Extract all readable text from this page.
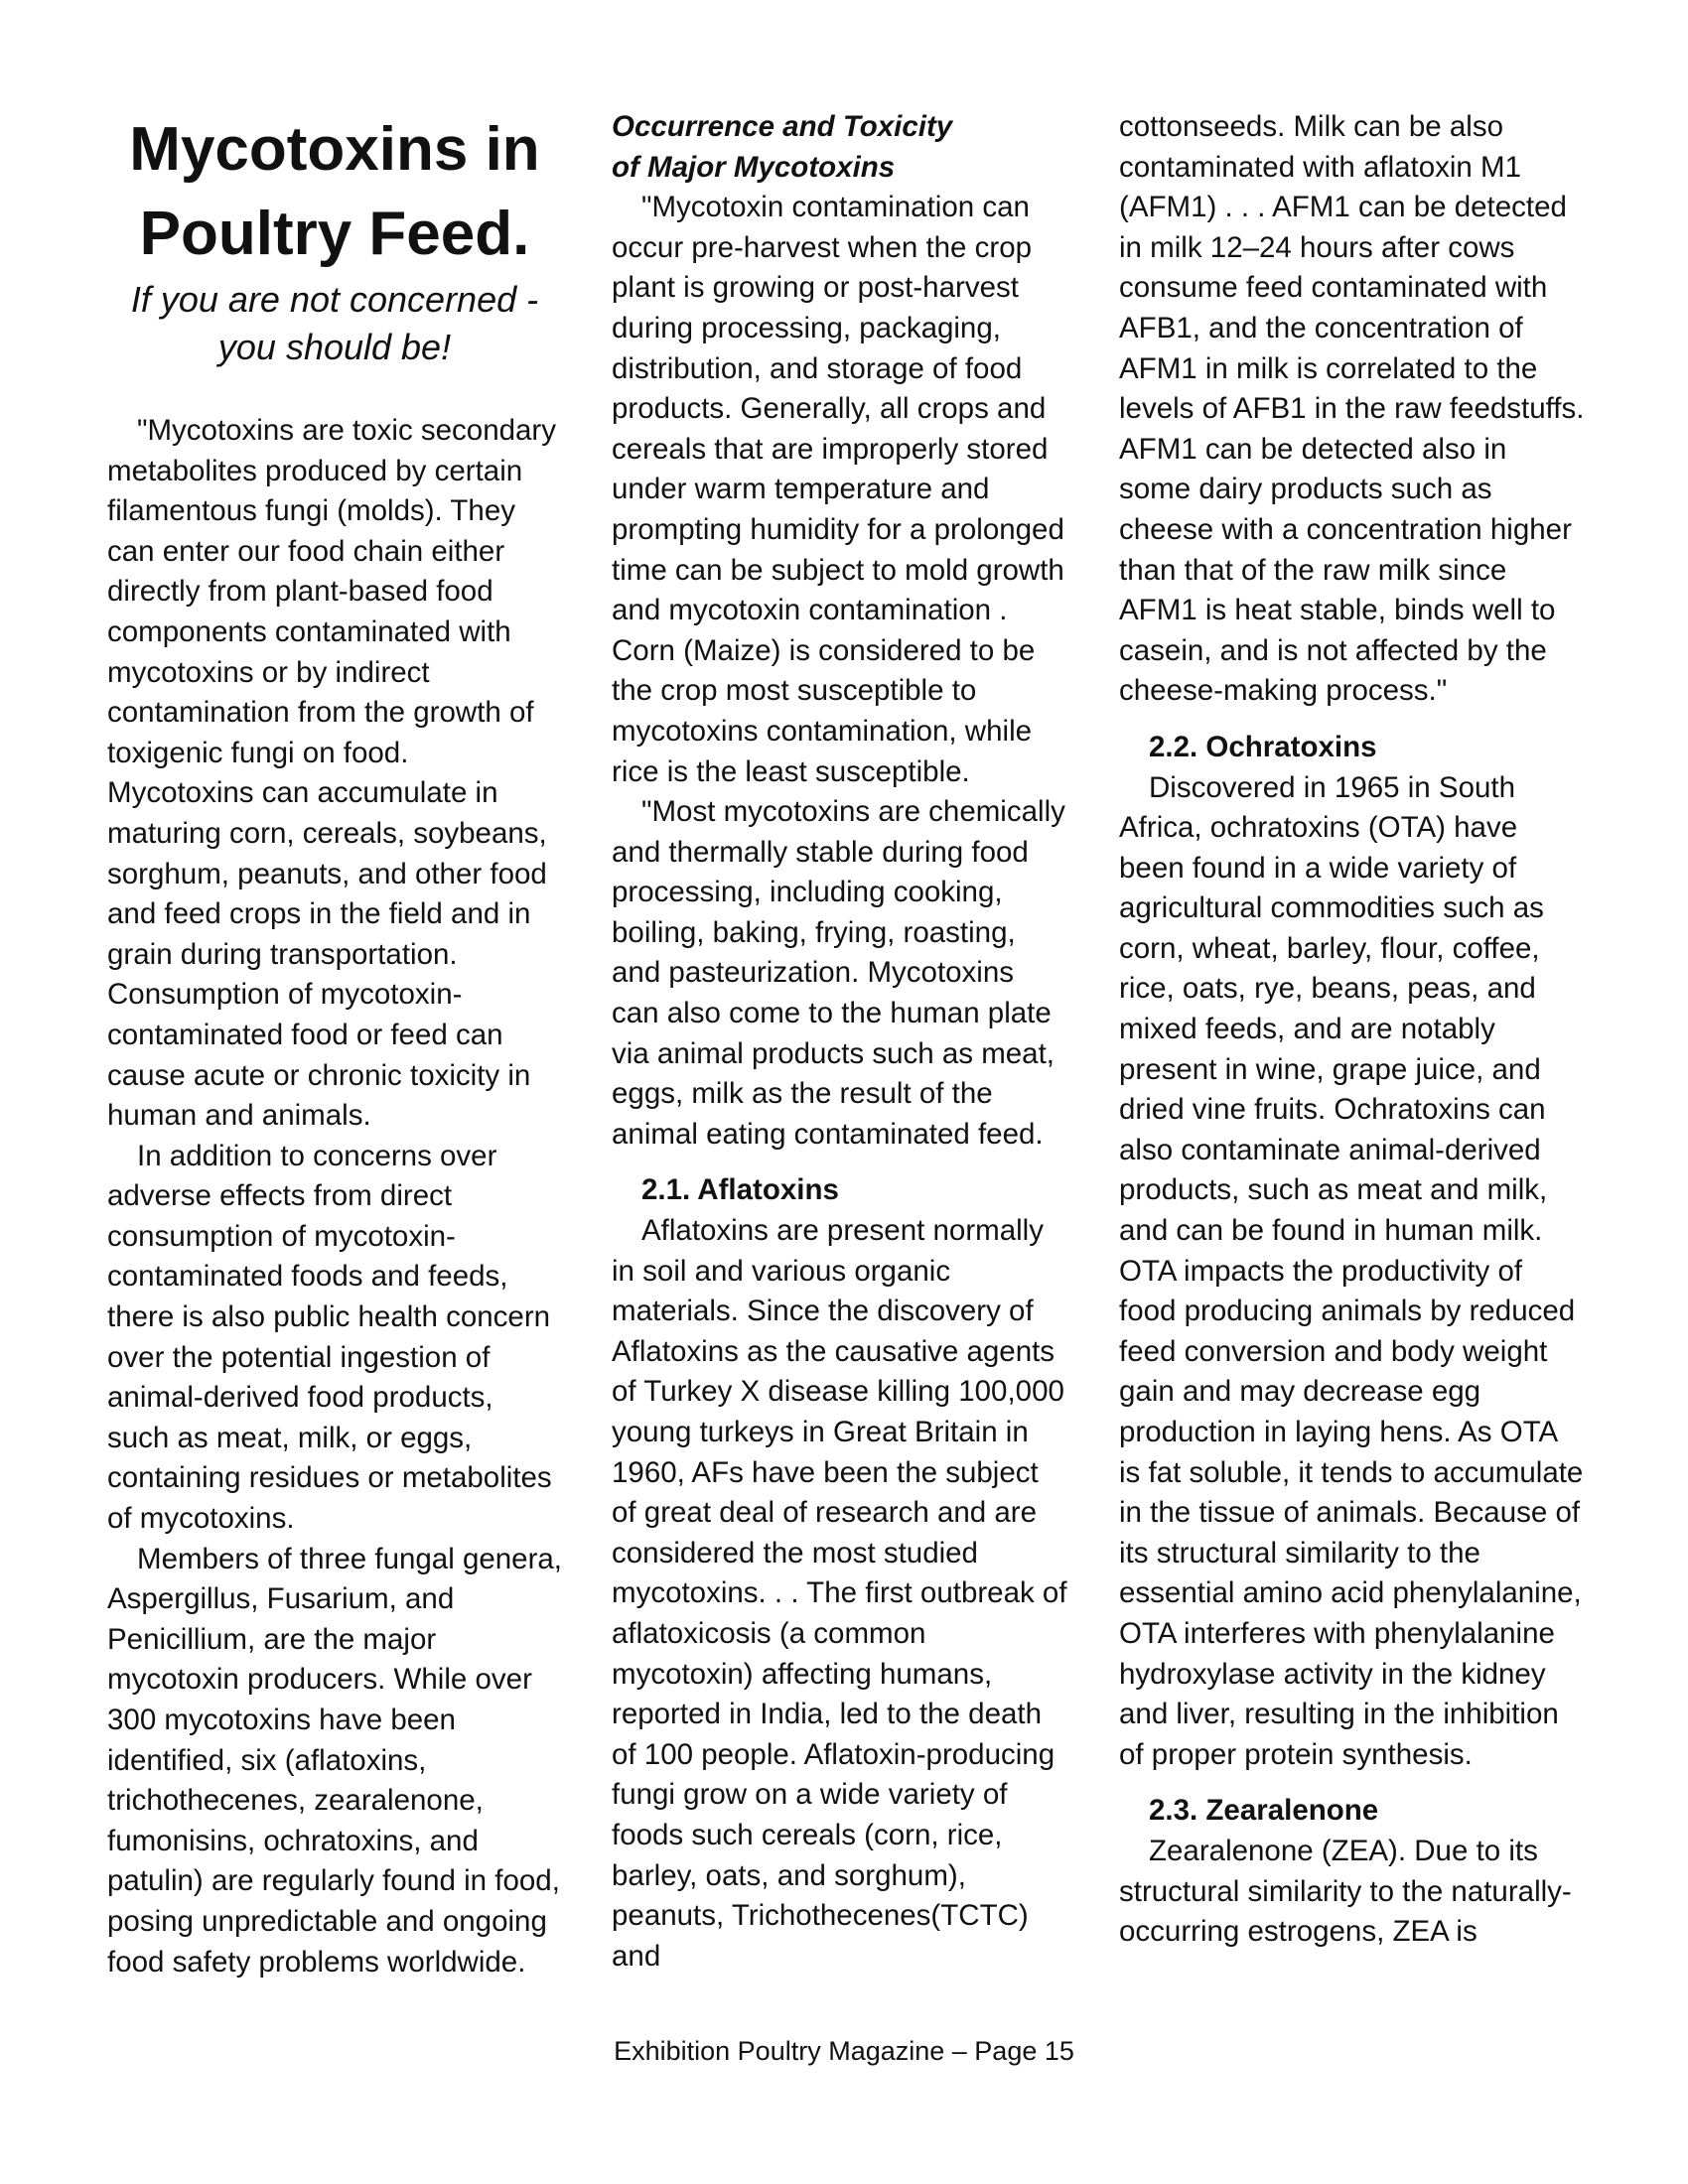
Mycotoxins in
Poultry Feed.
If you are not concerned -
you should be!

"Mycotoxins are toxic secondary metabolites produced by certain filamentous fungi (molds). They can enter our food chain either directly from plant-based food components contaminated with mycotoxins or by indirect contamination from the growth of toxigenic fungi on food. Mycotoxins can accumulate in maturing corn, cereals, soybeans, sorghum, peanuts, and other food and feed crops in the field and in grain during transportation. Consumption of mycotoxin-contaminated food or feed can cause acute or chronic toxicity in human and animals.

In addition to concerns over adverse effects from direct consumption of mycotoxin-contaminated foods and feeds, there is also public health concern over the potential ingestion of animal-derived food products, such as meat, milk, or eggs, containing residues or metabolites of mycotoxins.

Members of three fungal genera, Aspergillus, Fusarium, and Penicillium, are the major mycotoxin producers. While over 300 mycotoxins have been identified, six (aflatoxins, trichothecenes, zearalenone, fumonisins, ochratoxins, and patulin) are regularly found in food, posing unpredictable and ongoing food safety problems worldwide.

Occurrence and Toxicity
of Major Mycotoxins

"Mycotoxin contamination can occur pre-harvest when the crop plant is growing or post-harvest during processing, packaging, distribution, and storage of food products. Generally, all crops and cereals that are improperly stored under warm temperature and prompting humidity for a prolonged time can be subject to mold growth and mycotoxin contamination . Corn (Maize) is considered to be the crop most susceptible to mycotoxins contamination, while rice is the least susceptible.

"Most mycotoxins are chemically and thermally stable during food processing, including cooking, boiling, baking, frying, roasting, and pasteurization. Mycotoxins can also come to the human plate via animal products such as meat, eggs, milk as the result of the animal eating contaminated feed.

2.1. Aflatoxins

Aflatoxins are present normally in soil and various organic materials. Since the discovery of Aflatoxins as the causative agents of Turkey X disease killing 100,000 young turkeys in Great Britain in 1960, AFs have been the subject of great deal of research and are considered the most studied mycotoxins. . . The first outbreak of aflatoxicosis (a common mycotoxin) affecting humans, reported in India, led to the death of 100 people. Aflatoxin-producing fungi grow on a wide variety of foods such cereals (corn, rice, barley, oats, and sorghum), peanuts, Trichothecenes(TCTC) and

cottonseeds. Milk can be also contaminated with aflatoxin M1 (AFM1) . . . AFM1 can be detected in milk 12–24 hours after cows consume feed contaminated with AFB1, and the concentration of AFM1 in milk is correlated to the levels of AFB1 in the raw feedstuffs. AFM1 can be detected also in some dairy products such as cheese with a concentration higher than that of the raw milk since AFM1 is heat stable, binds well to casein, and is not affected by the cheese-making process."

2.2. Ochratoxins

Discovered in 1965 in South Africa, ochratoxins (OTA) have been found in a wide variety of agricultural commodities such as corn, wheat, barley, flour, coffee, rice, oats, rye, beans, peas, and mixed feeds, and are notably present in wine, grape juice, and dried vine fruits. Ochratoxins can also contaminate animal-derived products, such as meat and milk, and can be found in human milk. OTA impacts the productivity of food producing animals by reduced feed conversion and body weight gain and may decrease egg production in laying hens. As OTA is fat soluble, it tends to accumulate in the tissue of animals. Because of its structural similarity to the essential amino acid phenylalanine, OTA interferes with phenylalanine hydroxylase activity in the kidney and liver, resulting in the inhibition of proper protein synthesis.

2.3. Zearalenone

Zearalenone (ZEA). Due to its structural similarity to the naturally-occurring estrogens, ZEA is

Exhibition Poultry Magazine – Page 15
